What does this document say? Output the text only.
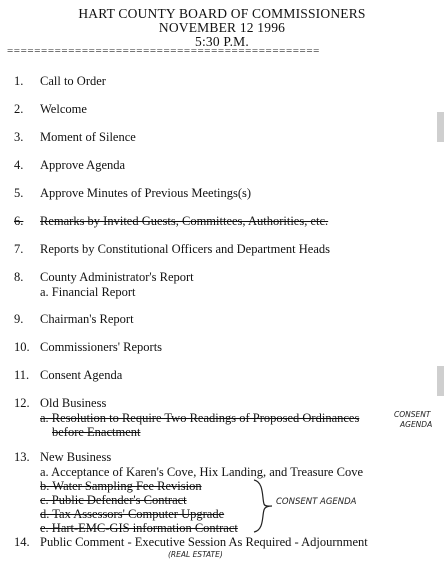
HART COUNTY BOARD OF COMMISSIONERS
NOVEMBER 12 1996
5:30 P.M.
==============================================
1.	Call to Order
2.	Welcome
3.	Moment of Silence
4.	Approve Agenda
5.	Approve Minutes of Previous Meetings(s)
6.	Remarks by Invited Guests, Committees, Authorities, etc.
7.	Reports by Constitutional Officers and Department Heads
8.	County Administrator's Report
a. Financial Report
9.	Chairman's Report
10. Commissioners' Reports
11. Consent Agenda
12. Old Business
a. Resolution to Require Two Readings of Proposed Ordinances
before Enactment
CONSENT
AGENDA
13. New Business
a. Acceptance of Karen's Cove, Hix Landing, and Treasure Cove
b. Water Sampling Fee Revision
c. Public Defender's Contract
d. Tax Assessors' Computer Upgrade
e. Hart-EMC-GIS information Contract
CONSENT AGENDA
14. Public Comment - Executive Session As Required - Adjournment
(REAL ESTATE)
